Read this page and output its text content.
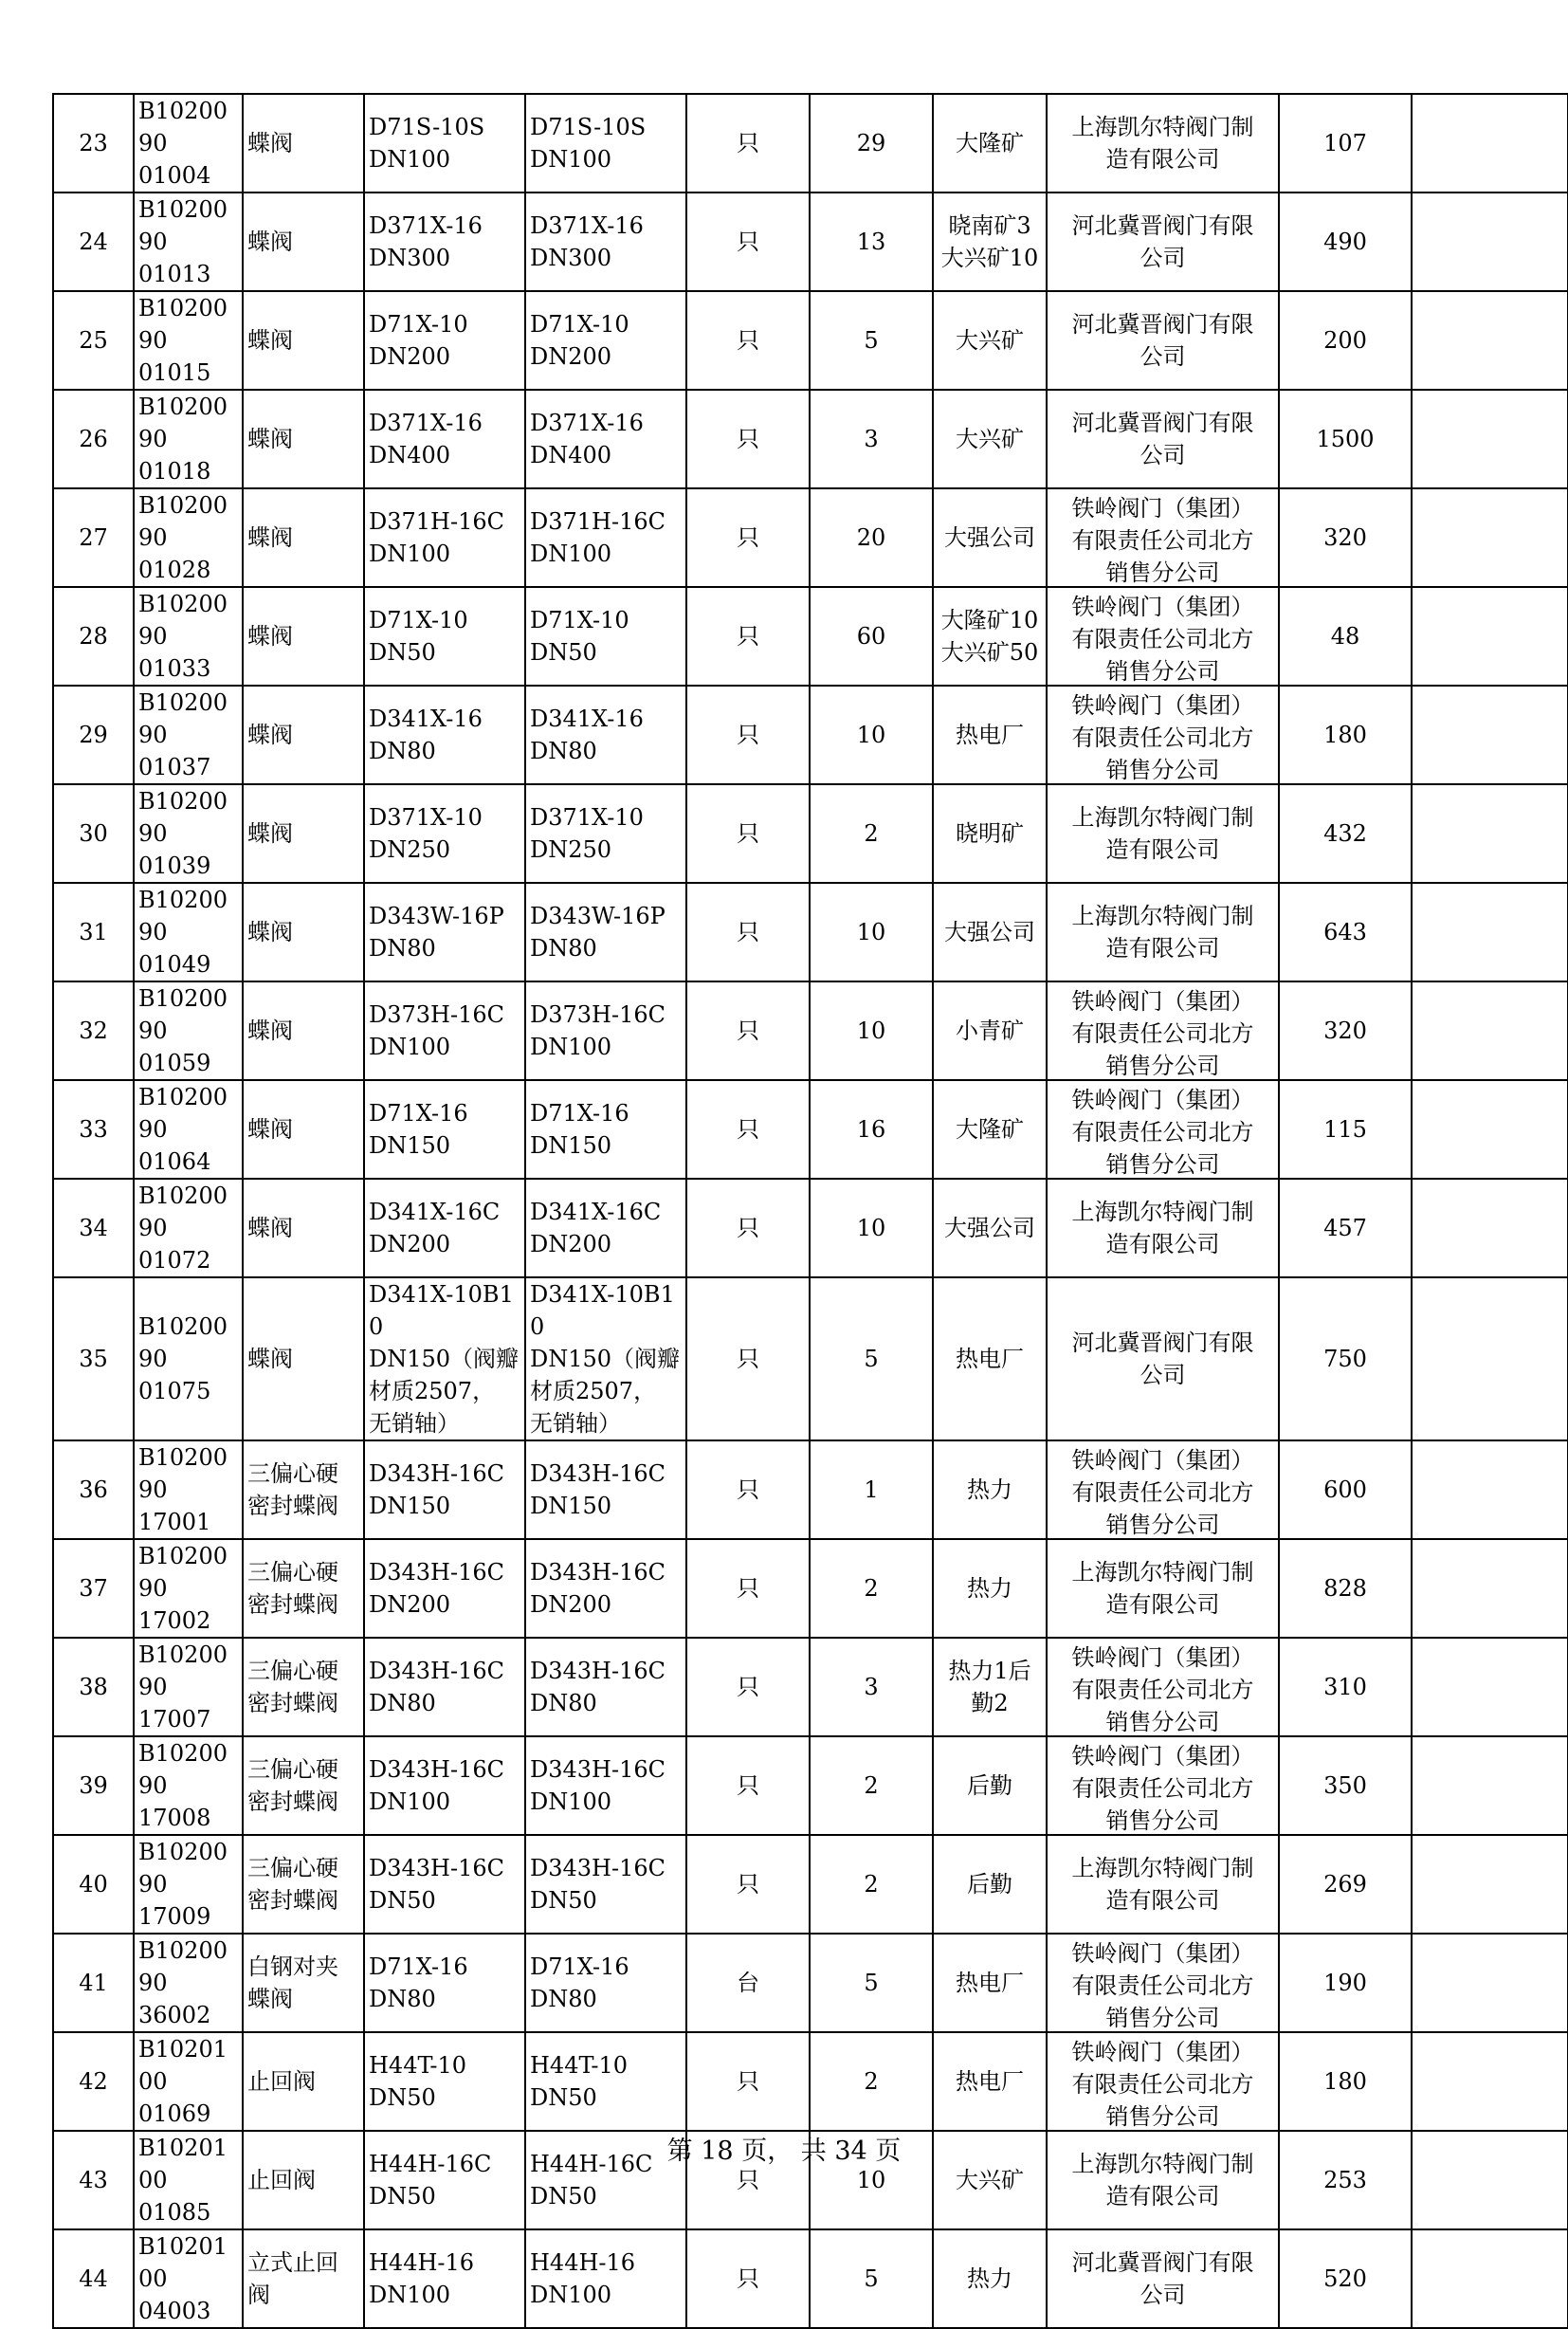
23	B1020090
01004	蝶阀	D71S-10S
DN100	D71S-10S
DN100	只	29	大隆矿	上海凯尔特阀门制
造有限公司	107	

24	B1020090
01013	蝶阀	D371X-16
DN300	D371X-16
DN300	只	13	晓南矿3
大兴矿10	河北冀晋阀门有限
公司	490	

25	B1020090
01015	蝶阀	D71X-10
DN200	D71X-10
DN200	只	5	大兴矿	河北冀晋阀门有限
公司	200	

26	B1020090
01018	蝶阀	D371X-16
DN400	D371X-16
DN400	只	3	大兴矿	河北冀晋阀门有限
公司	1500	

27	B1020090
01028	蝶阀	D371H-16C
DN100	D371H-16C
DN100	只	20	大强公司	铁岭阀门（集团）
有限责任公司北方
销售分公司	320	

28	B1020090
01033	蝶阀	D71X-10
DN50	D71X-10
DN50	只	60	大隆矿10
大兴矿50	铁岭阀门（集团）
有限责任公司北方
销售分公司	48	

29	B1020090
01037	蝶阀	D341X-16
DN80	D341X-16
DN80	只	10	热电厂	铁岭阀门（集团）
有限责任公司北方
销售分公司	180	

30	B1020090
01039	蝶阀	D371X-10
DN250	D371X-10
DN250	只	2	晓明矿	上海凯尔特阀门制
造有限公司	432	

31	B1020090
01049	蝶阀	D343W-16P
DN80	D343W-16P
DN80	只	10	大强公司	上海凯尔特阀门制
造有限公司	643	

32	B1020090
01059	蝶阀	D373H-16C
DN100	D373H-16C
DN100	只	10	小青矿	铁岭阀门（集团）
有限责任公司北方
销售分公司	320	

33	B1020090
01064	蝶阀	D71X-16
DN150	D71X-16
DN150	只	16	大隆矿	铁岭阀门（集团）
有限责任公司北方
销售分公司	115	

34	B1020090
01072	蝶阀	D341X-16C
DN200	D341X-16C
DN200	只	10	大强公司	上海凯尔特阀门制
造有限公司	457	

35	B1020090
01075	蝶阀	D341X-10B10
DN150（阀瓣
材质2507，
无销轴）	D341X-10B10
DN150（阀瓣
材质2507，
无销轴）	只	5	热电厂	河北冀晋阀门有限
公司	750	

36	B1020090
17001	三偏心硬
密封蝶阀	D343H-16C
DN150	D343H-16C
DN150	只	1	热力	铁岭阀门（集团）
有限责任公司北方
销售分公司	600	

37	B1020090
17002	三偏心硬
密封蝶阀	D343H-16C
DN200	D343H-16C
DN200	只	2	热力	上海凯尔特阀门制
造有限公司	828	

38	B1020090
17007	三偏心硬
密封蝶阀	D343H-16C
DN80	D343H-16C
DN80	只	3	热力1后
勤2	铁岭阀门（集团）
有限责任公司北方
销售分公司	310	

39	B1020090
17008	三偏心硬
密封蝶阀	D343H-16C
DN100	D343H-16C
DN100	只	2	后勤	铁岭阀门（集团）
有限责任公司北方
销售分公司	350	

40	B1020090
17009	三偏心硬
密封蝶阀	D343H-16C
DN50	D343H-16C
DN50	只	2	后勤	上海凯尔特阀门制
造有限公司	269	

41	B1020090
36002	白钢对夹
蝶阀	D71X-16
DN80	D71X-16
DN80	台	5	热电厂	铁岭阀门（集团）
有限责任公司北方
销售分公司	190	

42	B1020100
01069	止回阀	H44T-10
DN50	H44T-10
DN50	只	2	热电厂	铁岭阀门（集团）
有限责任公司北方
销售分公司	180	

43	B1020100
01085	止回阀	H44H-16C
DN50	H44H-16C
DN50	只	10	大兴矿	上海凯尔特阀门制
造有限公司	253	

44	B1020100
04003	立式止回
阀	H44H-16
DN100	H44H-16
DN100	只	5	热力	河北冀晋阀门有限
公司	520	

第 18 页， 共 34 页
